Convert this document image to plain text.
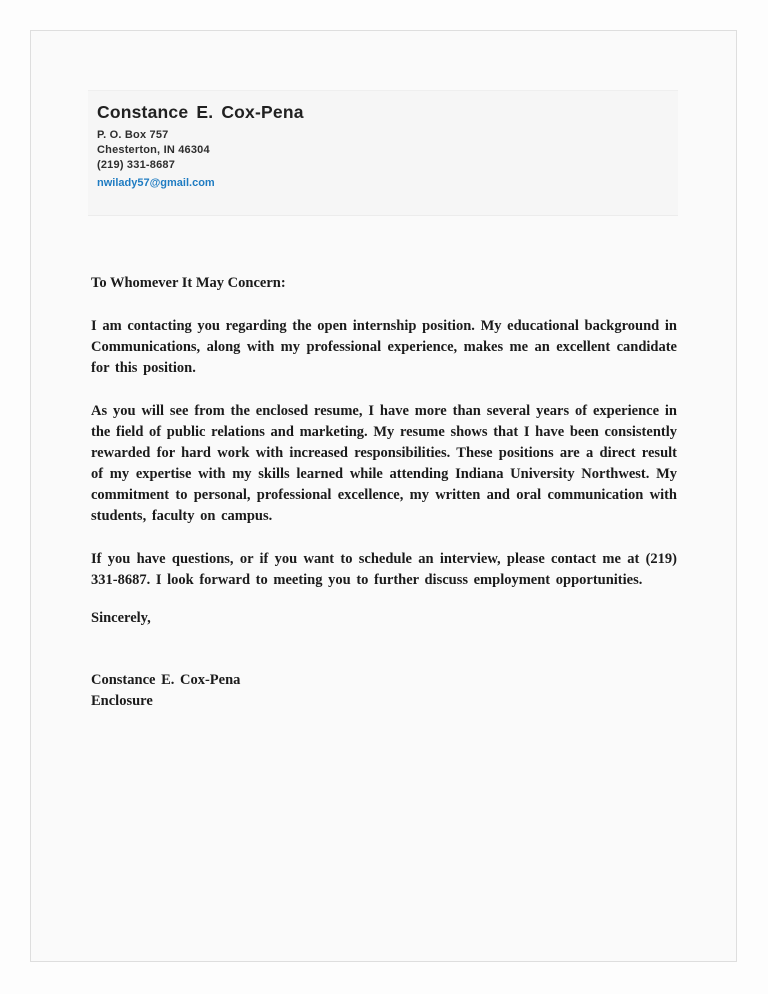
Constance E. Cox-Pena
P. O. Box 757
Chesterton, IN 46304
(219) 331-8687
nwilady57@gmail.com
To Whomever It May Concern:
I am contacting you regarding the open internship position. My educational background in Communications, along with my professional experience, makes me an excellent candidate for this position.
As you will see from the enclosed resume, I have more than several years of experience in the field of public relations and marketing. My resume shows that I have been consistently rewarded for hard work with increased responsibilities. These positions are a direct result of my expertise with my skills learned while attending Indiana University Northwest. My commitment to personal, professional excellence, my written and oral communication with students, faculty on campus.
If you have questions, or if you want to schedule an interview, please contact me at (219) 331-8687. I look forward to meeting you to further discuss employment opportunities.
Sincerely,
Constance E. Cox-Pena
Enclosure
